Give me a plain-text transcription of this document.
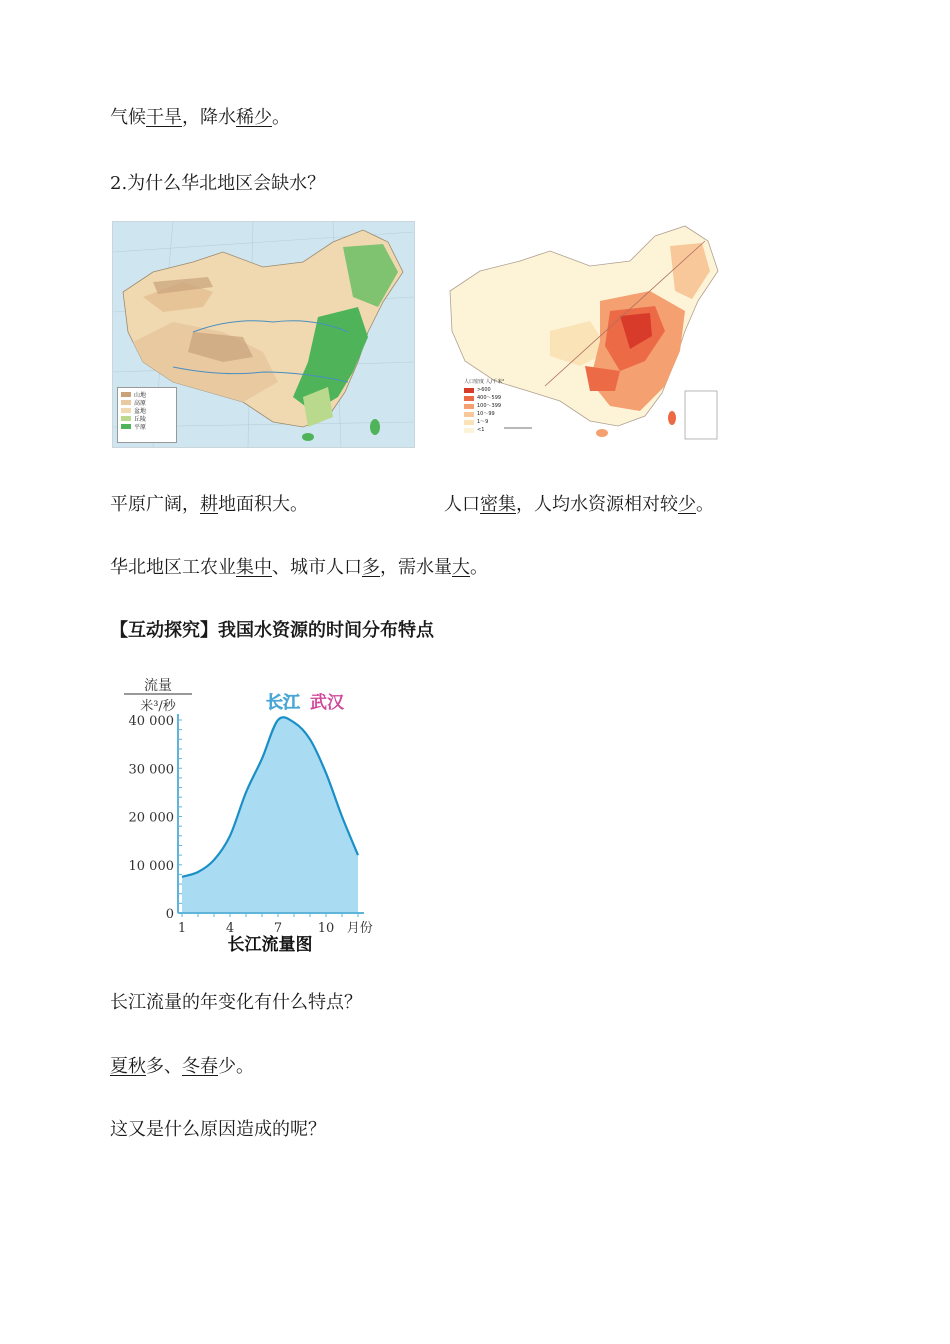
气候干旱，降水稀少。
2.为什么华北地区会缺水？
山地
高原
盆地
丘陵
平原
人口密度 人/千米²
>600
400～599
100～399
10～99
1～9
<1
平原广阔，耕地面积大。	人口密集，人均水资源相对较少。
华北地区工农业集中、城市人口多，需水量大。
【互动探究】我国水资源的时间分布特点
流量
米³/秒	长江 武汉
0
10 000
20 000
30 000
40 000
1	4	7	10 月份
长江流量图
长江流量的年变化有什么特点？
夏秋多、冬春少。
这又是什么原因造成的呢？
